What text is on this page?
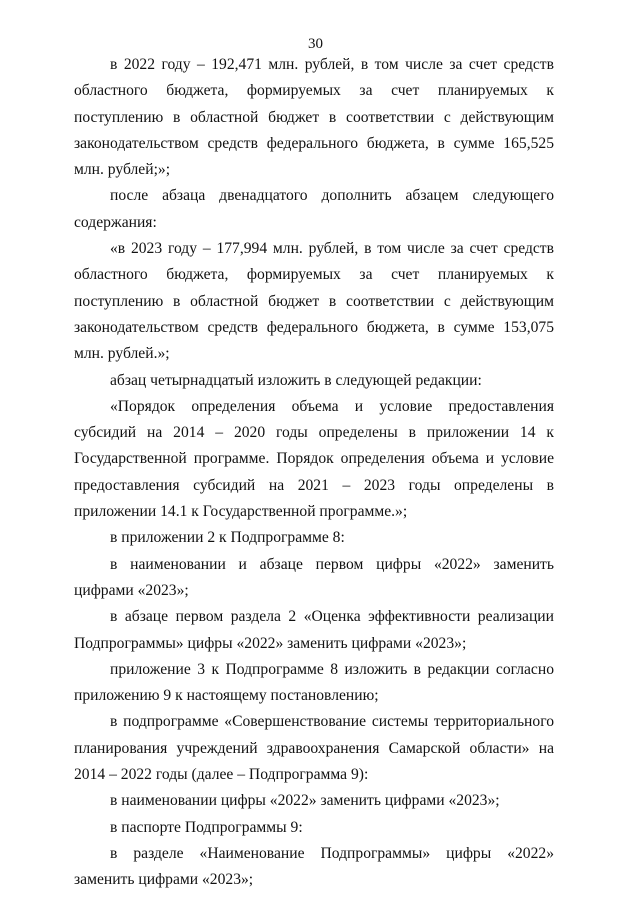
30

в 2022 году – 192,471 млн. рублей, в том числе за счет средств областного бюджета, формируемых за счет планируемых к поступлению в областной бюджет в соответствии с действующим законодательством средств федерального бюджета, в сумме 165,525 млн. рублей;»;

после абзаца двенадцатого дополнить абзацем следующего содержания:

«в 2023 году – 177,994 млн. рублей, в том числе за счет средств областного бюджета, формируемых за счет планируемых к поступлению в областной бюджет в соответствии с действующим законодательством средств федерального бюджета, в сумме 153,075 млн. рублей.»;

абзац четырнадцатый изложить в следующей редакции:

«Порядок определения объема и условие предоставления субсидий на 2014 – 2020 годы определены в приложении 14 к Государственной программе. Порядок определения объема и условие предоставления субсидий на 2021 – 2023 годы определены в приложении 14.1 к Государственной программе.»;

в приложении 2 к Подпрограмме 8:

в наименовании и абзаце первом цифры «2022» заменить цифрами «2023»;

в абзаце первом раздела 2 «Оценка эффективности реализации Подпрограммы» цифры «2022» заменить цифрами «2023»;

приложение 3 к Подпрограмме 8 изложить в редакции согласно приложению 9 к настоящему постановлению;

в подпрограмме «Совершенствование системы территориального планирования учреждений здравоохранения Самарской области» на 2014 – 2022 годы (далее – Подпрограмма 9):

в наименовании цифры «2022» заменить цифрами «2023»;

в паспорте Подпрограммы 9:

в разделе «Наименование Подпрограммы» цифры «2022» заменить цифрами «2023»;
